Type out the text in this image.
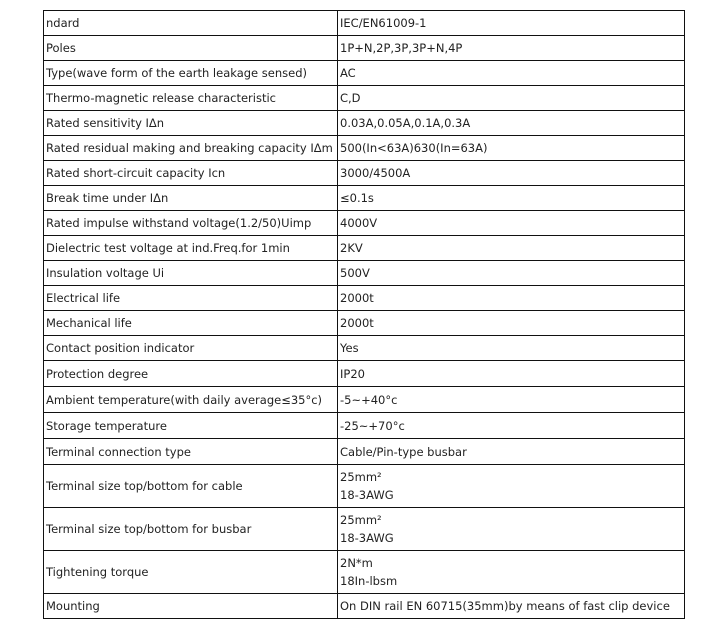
ndard	IEC/EN61009-1

Poles	1P+N,2P,3P,3P+N,4P

Type(wave form of the earth leakage sensed)	AC

Thermo-magnetic release characteristic	C,D

Rated sensitivity IΔn	0.03A,0.05A,0.1A,0.3A

Rated residual making and breaking capacity IΔm	500(In<63A)630(In=63A)

Rated short-circuit capacity Icn	3000/4500A

Break time under IΔn	≤0.1s

Rated impulse withstand voltage(1.2/50)Uimp	4000V

Dielectric test voltage at ind.Freq.for 1min	2KV

Insulation voltage Ui	500V

Electrical life	2000t

Mechanical life	2000t

Contact position indicator	Yes

Protection degree	IP20

Ambient temperature(with daily average≤35°c)	-5~+40°c

Storage temperature	-25~+70°c

Terminal connection type	Cable/Pin-type busbar

Terminal size top/bottom for cable	25mm²
18-3AWG

Terminal size top/bottom for busbar	25mm²
18-3AWG

Tightening torque	2N*m
18In-lbsm

Mounting	On DIN rail EN 60715(35mm)by means of fast clip device
